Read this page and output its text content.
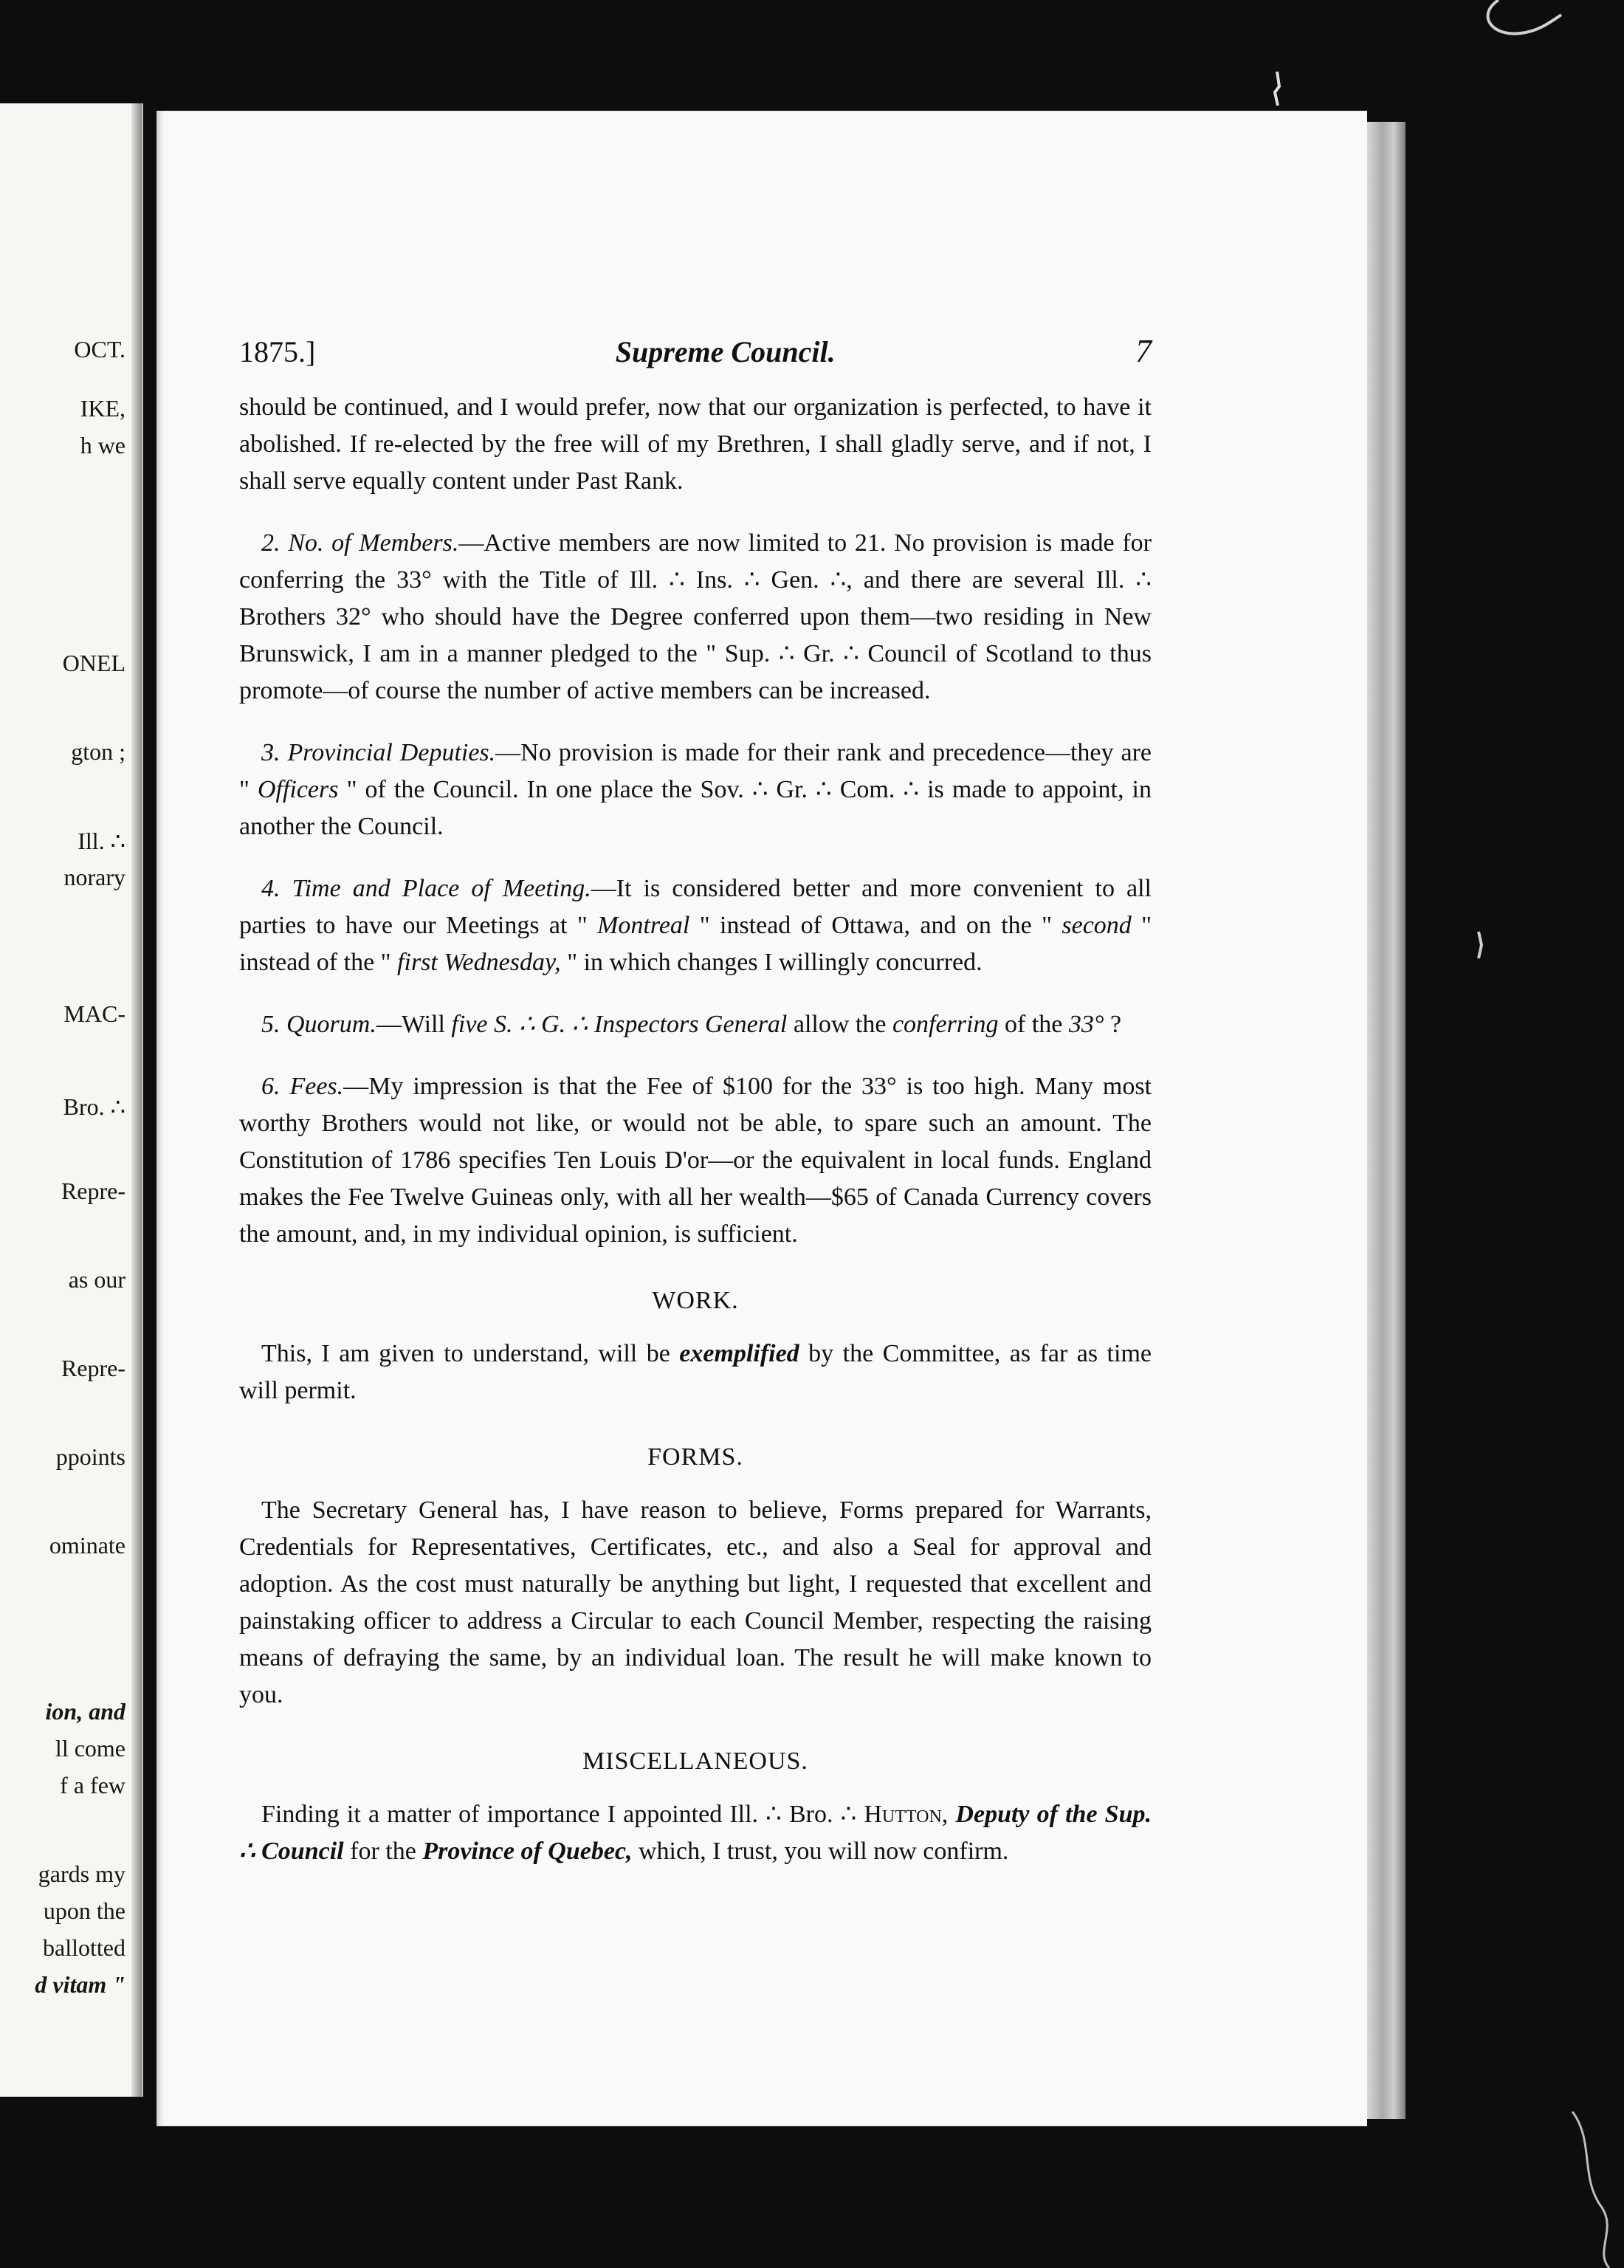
OCT.
IKE,
h we
ONEL
gton ;
Ill. ∴
norary
MAC-
Bro. ∴
Repre-
as our
Repre-
ppoints
ominate
ion, and
ll come
f a few
gards my
upon the
ballotted
d vitam "
1875.]	Supreme Council.	7

should be continued, and I would prefer, now that our organization is perfected, to have it abolished. If re-elected by the free will of my Brethren, I shall gladly serve, and if not, I shall serve equally content under Past Rank.

2. No. of Members.—Active members are now limited to 21. No provision is made for conferring the 33° with the Title of Ill. ∴ Ins. ∴ Gen. ∴, and there are several Ill. ∴ Brothers 32° who should have the Degree conferred upon them—two residing in New Brunswick, I am in a manner pledged to the " Sup. ∴ Gr. ∴ Council of Scotland to thus promote—of course the number of active members can be increased.

3. Provincial Deputies.—No provision is made for their rank and precedence—they are " Officers " of the Council. In one place the Sov. ∴ Gr. ∴ Com. ∴ is made to appoint, in another the Council.

4. Time and Place of Meeting.—It is considered better and more convenient to all parties to have our Meetings at " Montreal " instead of Ottawa, and on the " second " instead of the " first Wednesday, " in which changes I willingly concurred.

5. Quorum.—Will five S. ∴ G. ∴ Inspectors General allow the conferring of the 33° ?

6. Fees.—My impression is that the Fee of $100 for the 33° is too high. Many most worthy Brothers would not like, or would not be able, to spare such an amount. The Constitution of 1786 specifies Ten Louis D'or—or the equivalent in local funds. England makes the Fee Twelve Guineas only, with all her wealth—$65 of Canada Currency covers the amount, and, in my individual opinion, is sufficient.

WORK.

This, I am given to understand, will be exemplified by the Committee, as far as time will permit.

FORMS.

The Secretary General has, I have reason to believe, Forms prepared for Warrants, Credentials for Representatives, Certificates, etc., and also a Seal for approval and adoption. As the cost must naturally be anything but light, I requested that excellent and painstaking officer to address a Circular to each Council Member, respecting the raising means of defraying the same, by an individual loan. The result he will make known to you.

MISCELLANEOUS.

Finding it a matter of importance I appointed Ill. ∴ Bro. ∴ Hutton, Deputy of the Sup. ∴ Council for the Province of Quebec, which, I trust, you will now confirm.
